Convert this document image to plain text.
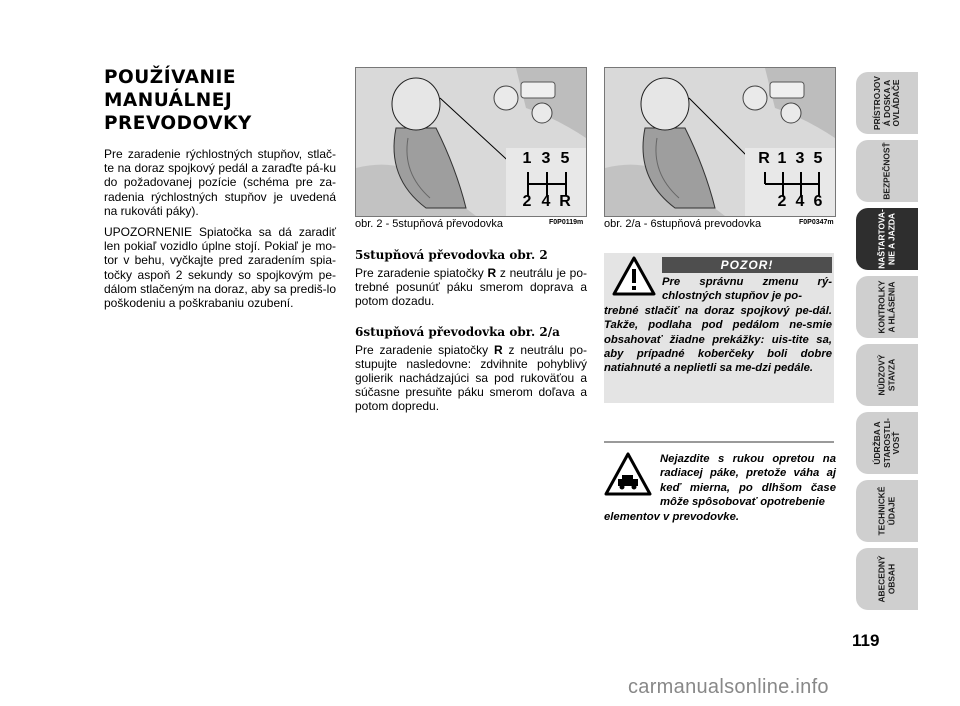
POUŽÍVANIE
MANUÁLNEJ
PREVODOVKY

Pre zaradenie rýchlostných stupňov, stlač-te na doraz spojkový pedál a zaraďte pá-ku do požadovanej pozície (schéma pre za-radenia rýchlostných stupňov je uvedená na rukováti páky).

UPOZORNENIE Spiatočka sa dá zaradiť len pokiaľ vozidlo úplne stojí. Pokiaľ je mo-tor v behu, vyčkajte pred zaradením spia-točky aspoň 2 sekundy so spojkovým pe-dálom stlačeným na doraz, aby sa prediš-lo poškodeniu a poškrabaniu ozubení.

1 3 5
2 4 R
obr. 2 - 5stupňová převodovka	F0P0119m
R 1 3 5
2 4 6
obr. 2/a - 6stupňová prevodovka	F0P0347m
5stupňová převodovka obr. 2

Pre zaradenie spiatočky R z neutrálu je po-trebné posunúť páku smerom doprava a potom dozadu.

6stupňová převodovka obr. 2/a

Pre zaradenie spiatočky R z neutrálu po-stupujte nasledovne: zdvihnite pohyblivý golierik nachádzajúci sa pod rukoväťou a súčasne presuňte páku smerom doľava a potom dopredu.

POZOR!
Pre správnu zmenu rý-chlostných stupňov je po-
trebné stlačiť na doraz spojkový pe-dál. Takže, podlaha pod pedálom ne-smie obsahovať žiadne prekážky: uis-tite sa, aby prípadné koberčeky boli dobre natiahnuté a neplietli sa me-dzi pedále.
Nejazdite s rukou opretou na radiacej páke, pretože váha aj keď mierna, po dlhšom čase môže spôsobovať opotrebenie
elementov v prevodovke.
PRÍSTROJOV
Á DOSKA A
OVLÁDAČE
BEZPEČNOSŤ
NAŠTARTOVA-
NIE A JAZDA
KONTROLKY
A HLÁSENIA
NÚDZOVÝ
STAVZA
ÚDRŽBA A
STAROSTLI-
VOSŤ
TECHNICKÉ
ÚDAJE
ABECEDNÝ
OBSAH
119
carmanualsonline.info
